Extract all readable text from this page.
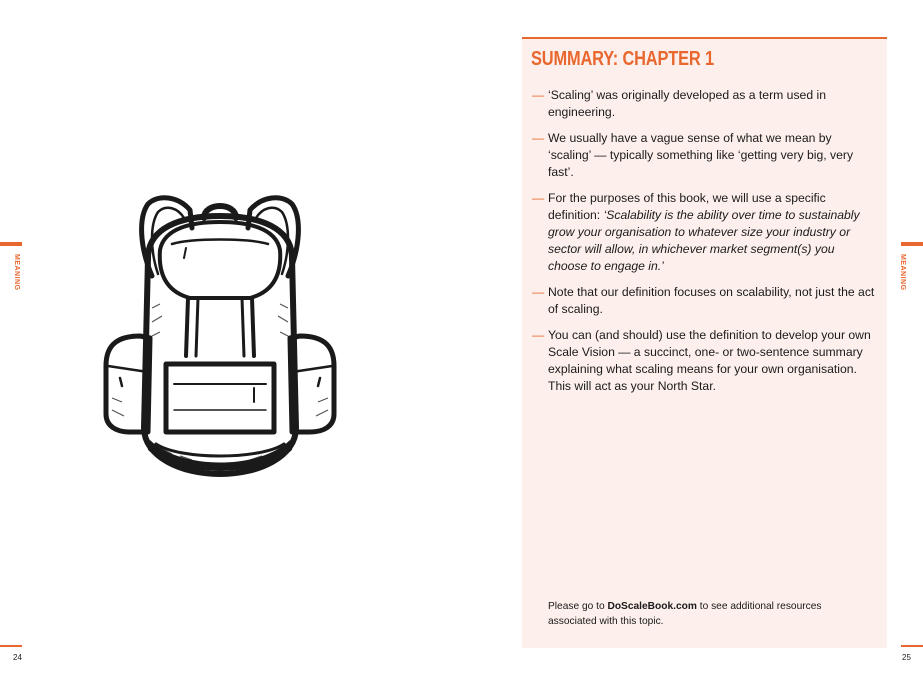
MEANING
24
MEANING
25
SUMMARY: CHAPTER 1
— ‘Scaling’ was originally developed as a term used in engineering.
— We usually have a vague sense of what we mean by ‘scaling’ — typically something like ‘getting very big, very fast’.
— For the purposes of this book, we will use a specific definition: ‘Scalability is the ability over time to sustainably grow your organisation to whatever size your industry or sector will allow, in whichever market segment(s) you choose to engage in.’
— Note that our definition focuses on scalability, not just the act of scaling.
— You can (and should) use the definition to develop your own Scale Vision — a succinct, one- or two-sentence summary explaining what scaling means for your own organisation. This will act as your North Star.
Please go to DoScaleBook.com to see additional resources associated with this topic.
